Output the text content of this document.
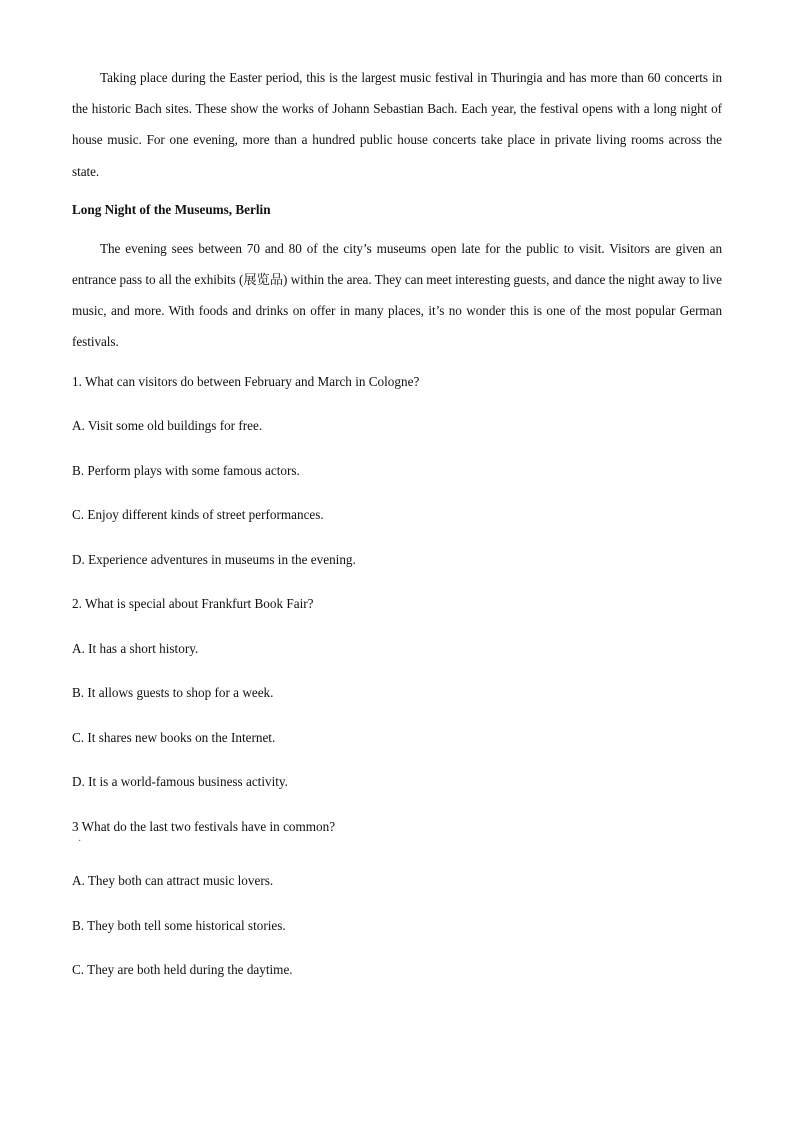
Taking place during the Easter period, this is the largest music festival in Thuringia and has more than 60 concerts in the historic Bach sites. These show the works of Johann Sebastian Bach. Each year, the festival opens with a long night of house music. For one evening, more than a hundred public house concerts take place in private living rooms across the state.

Long Night of the Museums, Berlin

The evening sees between 70 and 80 of the city’s museums open late for the public to visit. Visitors are given an entrance pass to all the exhibits (展览品) within the area. They can meet interesting guests, and dance the night away to live music, and more. With foods and drinks on offer in many places, it’s no wonder this is one of the most popular German festivals.

1. What can visitors do between February and March in Cologne?

A. Visit some old buildings for free.

B. Perform plays with some famous actors.

C. Enjoy different kinds of street performances.

D. Experience adventures in museums in the evening.

2. What is special about Frankfurt Book Fair?

A. It has a short history.

B. It allows guests to shop for a week.

C. It shares new books on the Internet.

D. It is a world-famous business activity.

3 What do the last two festivals have in common?

·

A. They both can attract music lovers.

B. They both tell some historical stories.

C. They are both held during the daytime.
